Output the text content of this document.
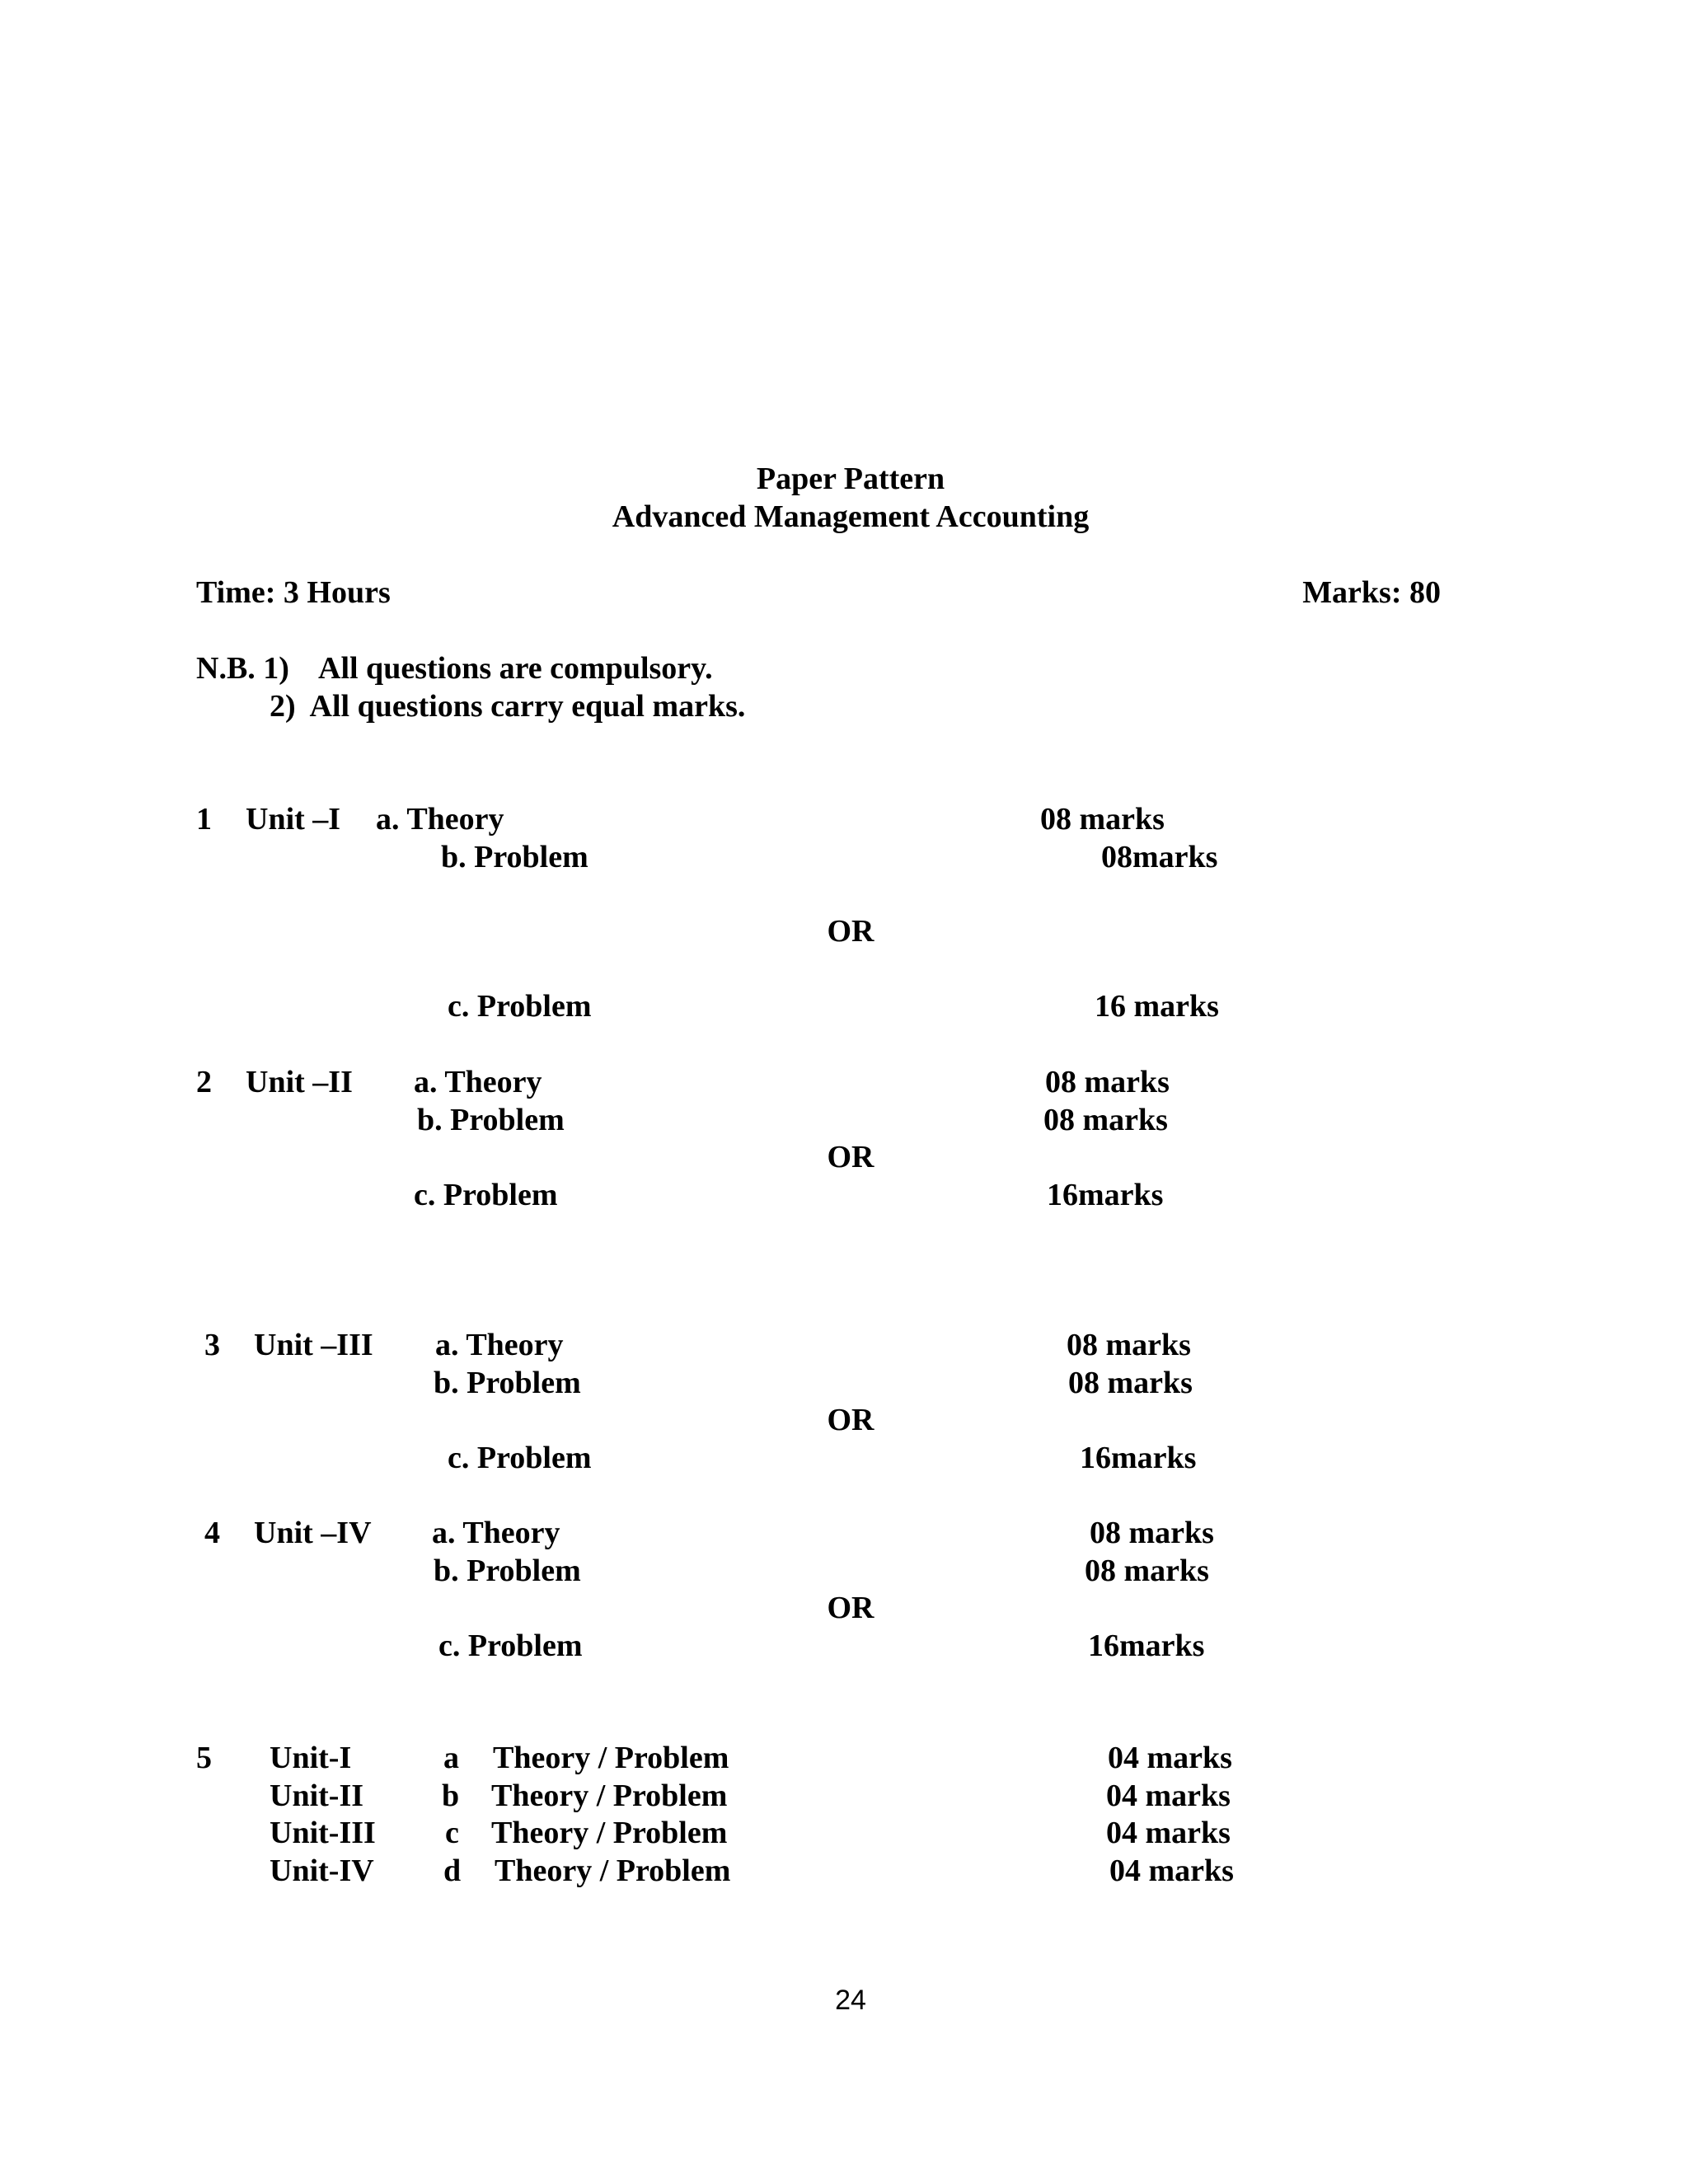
Paper Pattern
Advanced Management Accounting
Time: 3 Hours	Marks: 80
N.B. 1) All questions are compulsory.
2)  All questions carry equal marks.
1 Unit –I a. Theory	08 marks
b. Problem	08marks
OR
c. Problem	16 marks
2 Unit –II a. Theory	08 marks
b. Problem	08 marks
OR
c. Problem	16marks
3 Unit –III a. Theory	08 marks
b. Problem	08 marks
OR
c. Problem	16marks
4 Unit –IV a. Theory	08 marks
b. Problem	08 marks
OR
c. Problem	16marks
5 Unit-I	a Theory / Problem	04 marks
Unit-II b Theory / Problem	04 marks
Unit-III c Theory / Problem	04 marks
Unit-IV d Theory / Problem	04 marks
24
